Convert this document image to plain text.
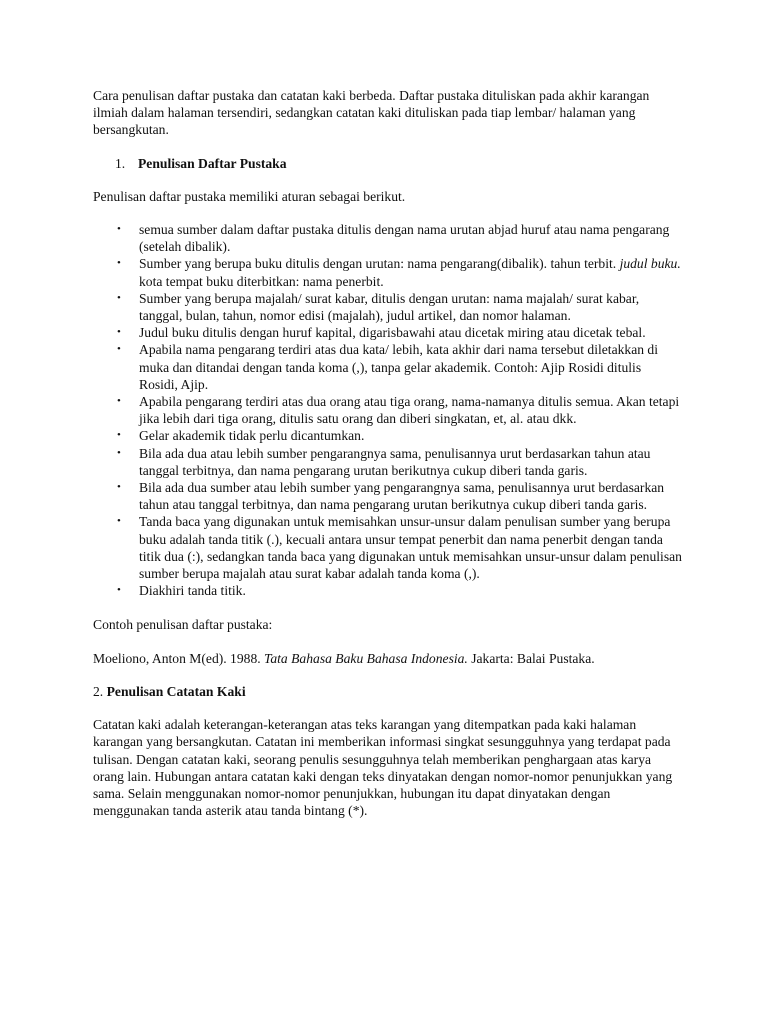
Cara penulisan daftar pustaka dan catatan kaki berbeda. Daftar pustaka dituliskan pada akhir karangan ilmiah dalam halaman tersendiri, sedangkan catatan kaki dituliskan pada tiap lembar/ halaman yang bersangkutan.

1. Penulisan Daftar Pustaka

Penulisan daftar pustaka memiliki aturan sebagai berikut.

• semua sumber dalam daftar pustaka ditulis dengan nama urutan abjad huruf atau nama pengarang (setelah dibalik).
• Sumber yang berupa buku ditulis dengan urutan: nama pengarang(dibalik). tahun terbit. judul buku. kota tempat buku diterbitkan: nama penerbit.
• Sumber yang berupa majalah/ surat kabar, ditulis dengan urutan: nama majalah/ surat kabar, tanggal, bulan, tahun, nomor edisi (majalah), judul artikel, dan nomor halaman.
• Judul buku ditulis dengan huruf kapital, digarisbawahi atau dicetak miring atau dicetak tebal.
• Apabila nama pengarang terdiri atas dua kata/ lebih, kata akhir dari nama tersebut diletakkan di muka dan ditandai dengan tanda koma (,), tanpa gelar akademik. Contoh: Ajip Rosidi ditulis Rosidi, Ajip.
• Apabila pengarang terdiri atas dua orang atau tiga orang, nama-namanya ditulis semua. Akan tetapi jika lebih dari tiga orang, ditulis satu orang dan diberi singkatan, et, al. atau dkk.
• Gelar akademik tidak perlu dicantumkan.
• Bila ada dua atau lebih sumber pengarangnya sama, penulisannya urut berdasarkan tahun atau tanggal terbitnya, dan nama pengarang urutan berikutnya cukup diberi tanda garis.
• Bila ada dua sumber atau lebih sumber yang pengarangnya sama, penulisannya urut berdasarkan tahun atau tanggal terbitnya, dan nama pengarang urutan berikutnya cukup diberi tanda garis.
• Tanda baca yang digunakan untuk memisahkan unsur-unsur dalam penulisan sumber yang berupa buku adalah tanda titik (.), kecuali antara unsur tempat penerbit dan nama penerbit dengan tanda titik dua (:), sedangkan tanda baca yang digunakan untuk memisahkan unsur-unsur dalam penulisan sumber berupa majalah atau surat kabar adalah tanda koma (,).
• Diakhiri tanda titik.

Contoh penulisan daftar pustaka:

Moeliono, Anton M(ed). 1988. Tata Bahasa Baku Bahasa Indonesia. Jakarta: Balai Pustaka.

2. Penulisan Catatan Kaki

Catatan kaki adalah keterangan-keterangan atas teks karangan yang ditempatkan pada kaki halaman karangan yang bersangkutan. Catatan ini memberikan informasi singkat sesungguhnya yang terdapat pada tulisan. Dengan catatan kaki, seorang penulis sesungguhnya telah memberikan penghargaan atas karya orang lain. Hubungan antara catatan kaki dengan teks dinyatakan dengan nomor-nomor penunjukkan yang sama. Selain menggunakan nomor-nomor penunjukkan, hubungan itu dapat dinyatakan dengan menggunakan tanda asterik atau tanda bintang (*).
